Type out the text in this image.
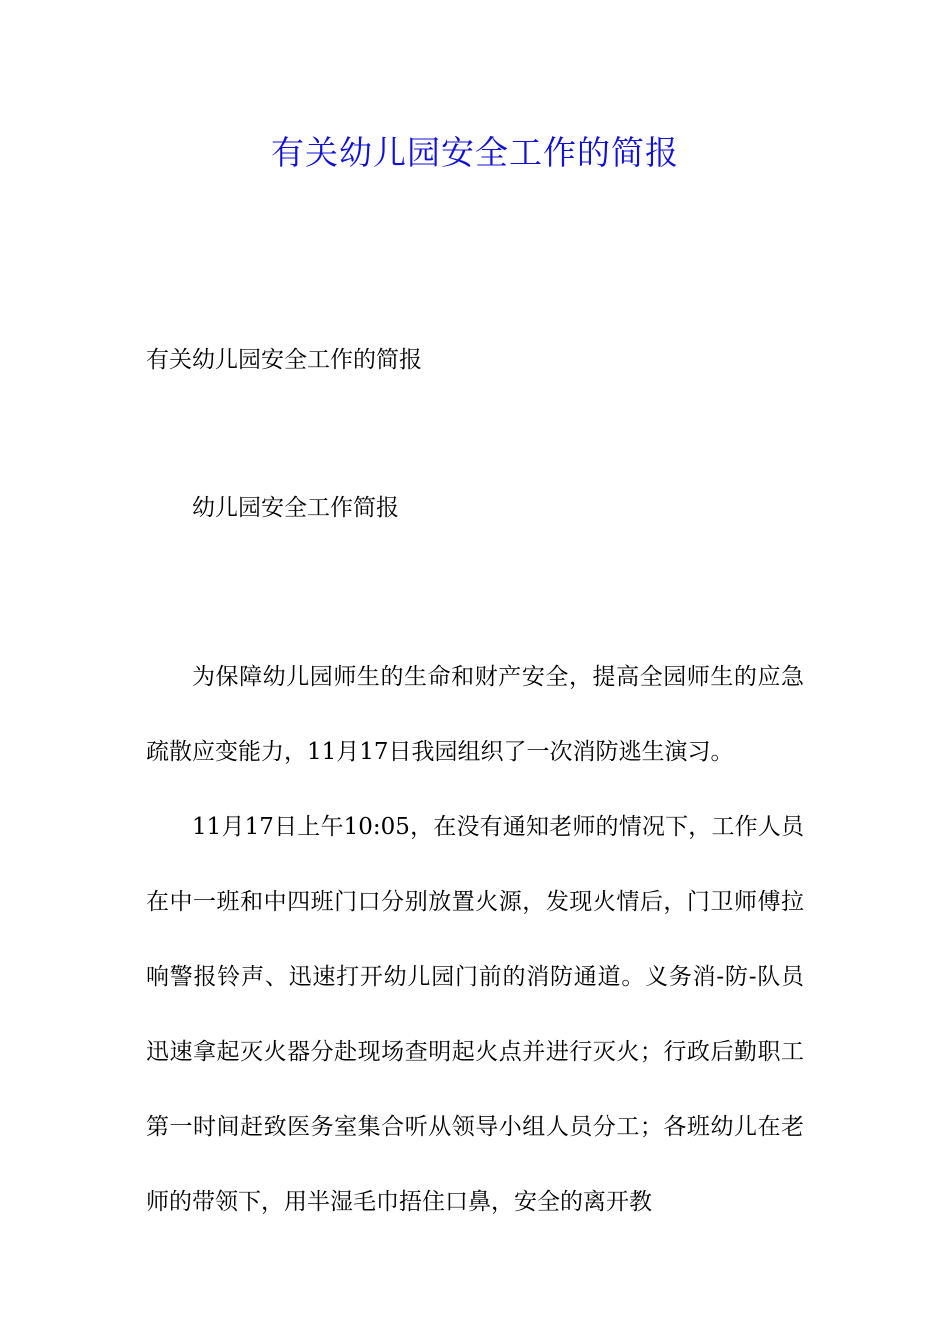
有关幼儿园安全工作的简报
有关幼儿园安全工作的简报
幼儿园安全工作简报

为保障幼儿园师生的生命和财产安全，提高全园师生的应急疏散应变能力，11月17日我园组织了一次消防逃生演习。

11月17日上午10:05，在没有通知老师的情况下，工作人员在中一班和中四班门口分别放置火源，发现火情后，门卫师傅拉响警报铃声、迅速打开幼儿园门前的消防通道。义务消-防-队员迅速拿起灭火器分赴现场查明起火点并进行灭火；行政后勤职工第一时间赶致医务室集合听从领导小组人员分工；各班幼儿在老师的带领下，用半湿毛巾捂住口鼻，安全的离开教
